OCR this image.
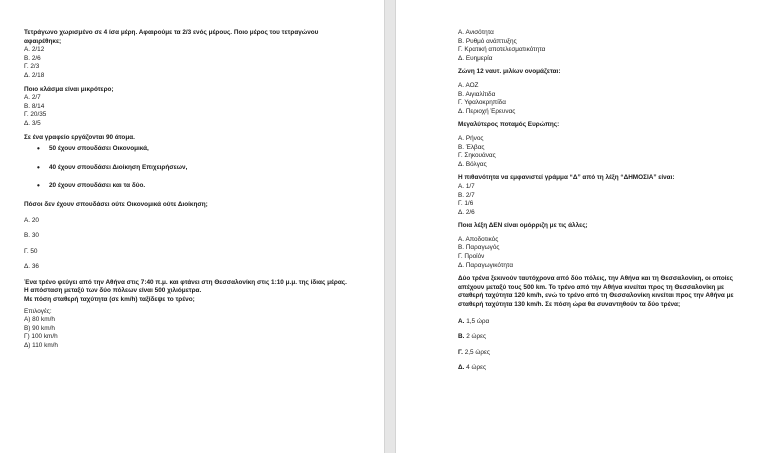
Τετράγωνο χωρισμένο σε 4 ίσα μέρη. Αφαιρούμε τα 2/3 ενός μέρους. Ποιο μέρος του τετραγώνου αφαιρέθηκε;
Α. 2/12
Β. 2/6
Γ. 2/3
Δ. 2/18
Ποιο κλάσμα είναι μικρότερο;
Α. 2/7
Β. 8/14
Γ. 20/35
Δ. 3/5
Σε ένα γραφείο εργάζονται 90 άτομα.
• 50 έχουν σπουδάσει Οικονομικά,
• 40 έχουν σπουδάσει Διοίκηση Επιχειρήσεων,
• 20 έχουν σπουδάσει και τα δύο.
Πόσοι δεν έχουν σπουδάσει ούτε Οικονομικά ούτε Διοίκηση;
Α. 20
Β. 30
Γ. 50
Δ. 36
Ένα τρένο φεύγει από την Αθήνα στις 7:40 π.μ. και φτάνει στη Θεσσαλονίκη στις 1:10 μ.μ. της ίδιας μέρας.
Η απόσταση μεταξύ των δύο πόλεων είναι 500 χιλιόμετρα.
Με πόση σταθερή ταχύτητα (σε km/h) ταξίδεψε το τρένο;
Επιλογές:
Α) 80 km/h
Β) 90 km/h
Γ) 100 km/h
Δ) 110 km/h
Α. Ανισότητα
Β. Ρυθμό ανάπτυξης
Γ. Κρατική αποτελεσματικότητα
Δ. Ευημερία
Ζώνη 12 ναυτ. μιλίων ονομάζεται:
Α. ΑΟΖ
Β. Αιγιαλίτιδα
Γ. Υφαλοκρηπίδα
Δ. Περιοχή Έρευνας
Μεγαλύτερος ποταμός Ευρώπης:
Α. Ρήνος
Β. Έλβας
Γ. Σηκουάνας
Δ. Βόλγας
Η πιθανότητα να εμφανιστεί γράμμα “Δ” από τη λέξη “ΔΗΜΟΣΙΑ” είναι:
Α. 1/7
Β. 2/7
Γ. 1/6
Δ. 2/6
Ποια λέξη ΔΕΝ είναι ομόρριζη με τις άλλες;
Α. Αποδοτικός
Β. Παραγωγός
Γ. Προϊόν
Δ. Παραγωγικότητα
Δύο τρένα ξεκινούν ταυτόχρονα από δύο πόλεις, την Αθήνα και τη Θεσσαλονίκη, οι οποίες απέχουν μεταξύ τους 500 km. Το τρένο από την Αθήνα κινείται προς τη Θεσσαλονίκη με σταθερή ταχύτητα 120 km/h, ενώ το τρένο από τη Θεσσαλονίκη κινείται προς την Αθήνα με σταθερή ταχύτητα 130 km/h. Σε πόση ώρα θα συναντηθούν τα δύο τρένα;
Α. 1,5 ώρα
Β. 2 ώρες
Γ. 2,5 ώρες
Δ. 4 ώρες
